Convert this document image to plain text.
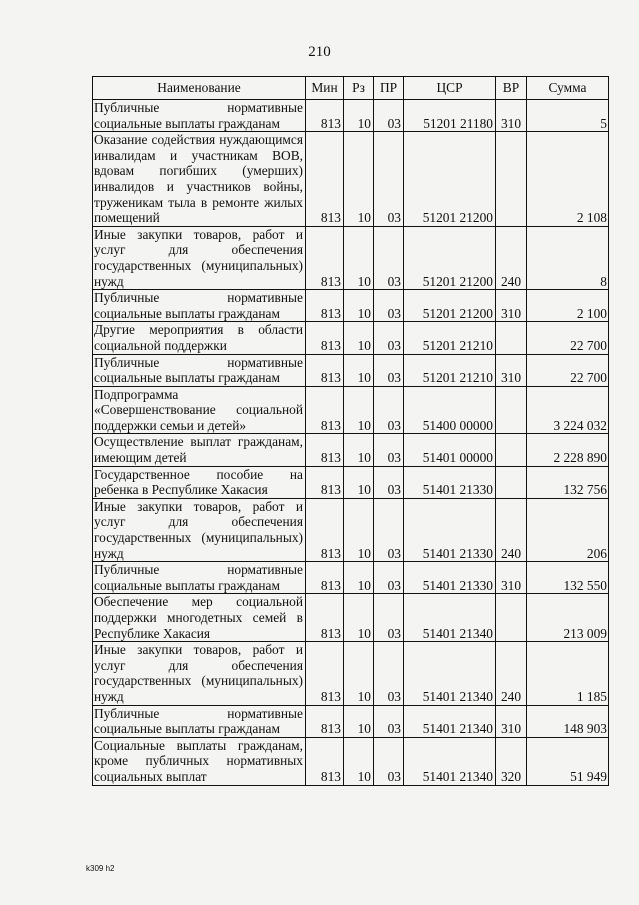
210
Наименование	Мин	Рз	ПР	ЦСР	ВР	Сумма
Публичные нормативные социальные выплаты гражданам	813	10	03	51201 21180	310	5
Оказание содействия нуждающимся инвалидам и участникам ВОВ, вдовам погибших (умерших) инвалидов и участников войны, труженикам тыла в ремонте жилых помещений	813	10	03	51201 21200		2 108
Иные закупки товаров, работ и услуг для обеспечения государственных (муниципальных) нужд	813	10	03	51201 21200	240	8
Публичные нормативные социальные выплаты гражданам	813	10	03	51201 21200	310	2 100
Другие мероприятия в области социальной поддержки	813	10	03	51201 21210		22 700
Публичные нормативные социальные выплаты гражданам	813	10	03	51201 21210	310	22 700
Подпрограмма «Совершенствование социальной поддержки семьи и детей»	813	10	03	51400 00000		3 224 032
Осуществление выплат гражданам, имеющим детей	813	10	03	51401 00000		2 228 890
Государственное пособие на ребенка в Республике Хакасия	813	10	03	51401 21330		132 756
Иные закупки товаров, работ и услуг для обеспечения государственных (муниципальных) нужд	813	10	03	51401 21330	240	206
Публичные нормативные социальные выплаты гражданам	813	10	03	51401 21330	310	132 550
Обеспечение мер социальной поддержки многодетных семей в Республике Хакасия	813	10	03	51401 21340		213 009
Иные закупки товаров, работ и услуг для обеспечения государственных (муниципальных) нужд	813	10	03	51401 21340	240	1 185
Публичные нормативные социальные выплаты гражданам	813	10	03	51401 21340	310	148 903
Социальные выплаты гражданам, кроме публичных нормативных социальных выплат	813	10	03	51401 21340	320	51 949
k309 h2
